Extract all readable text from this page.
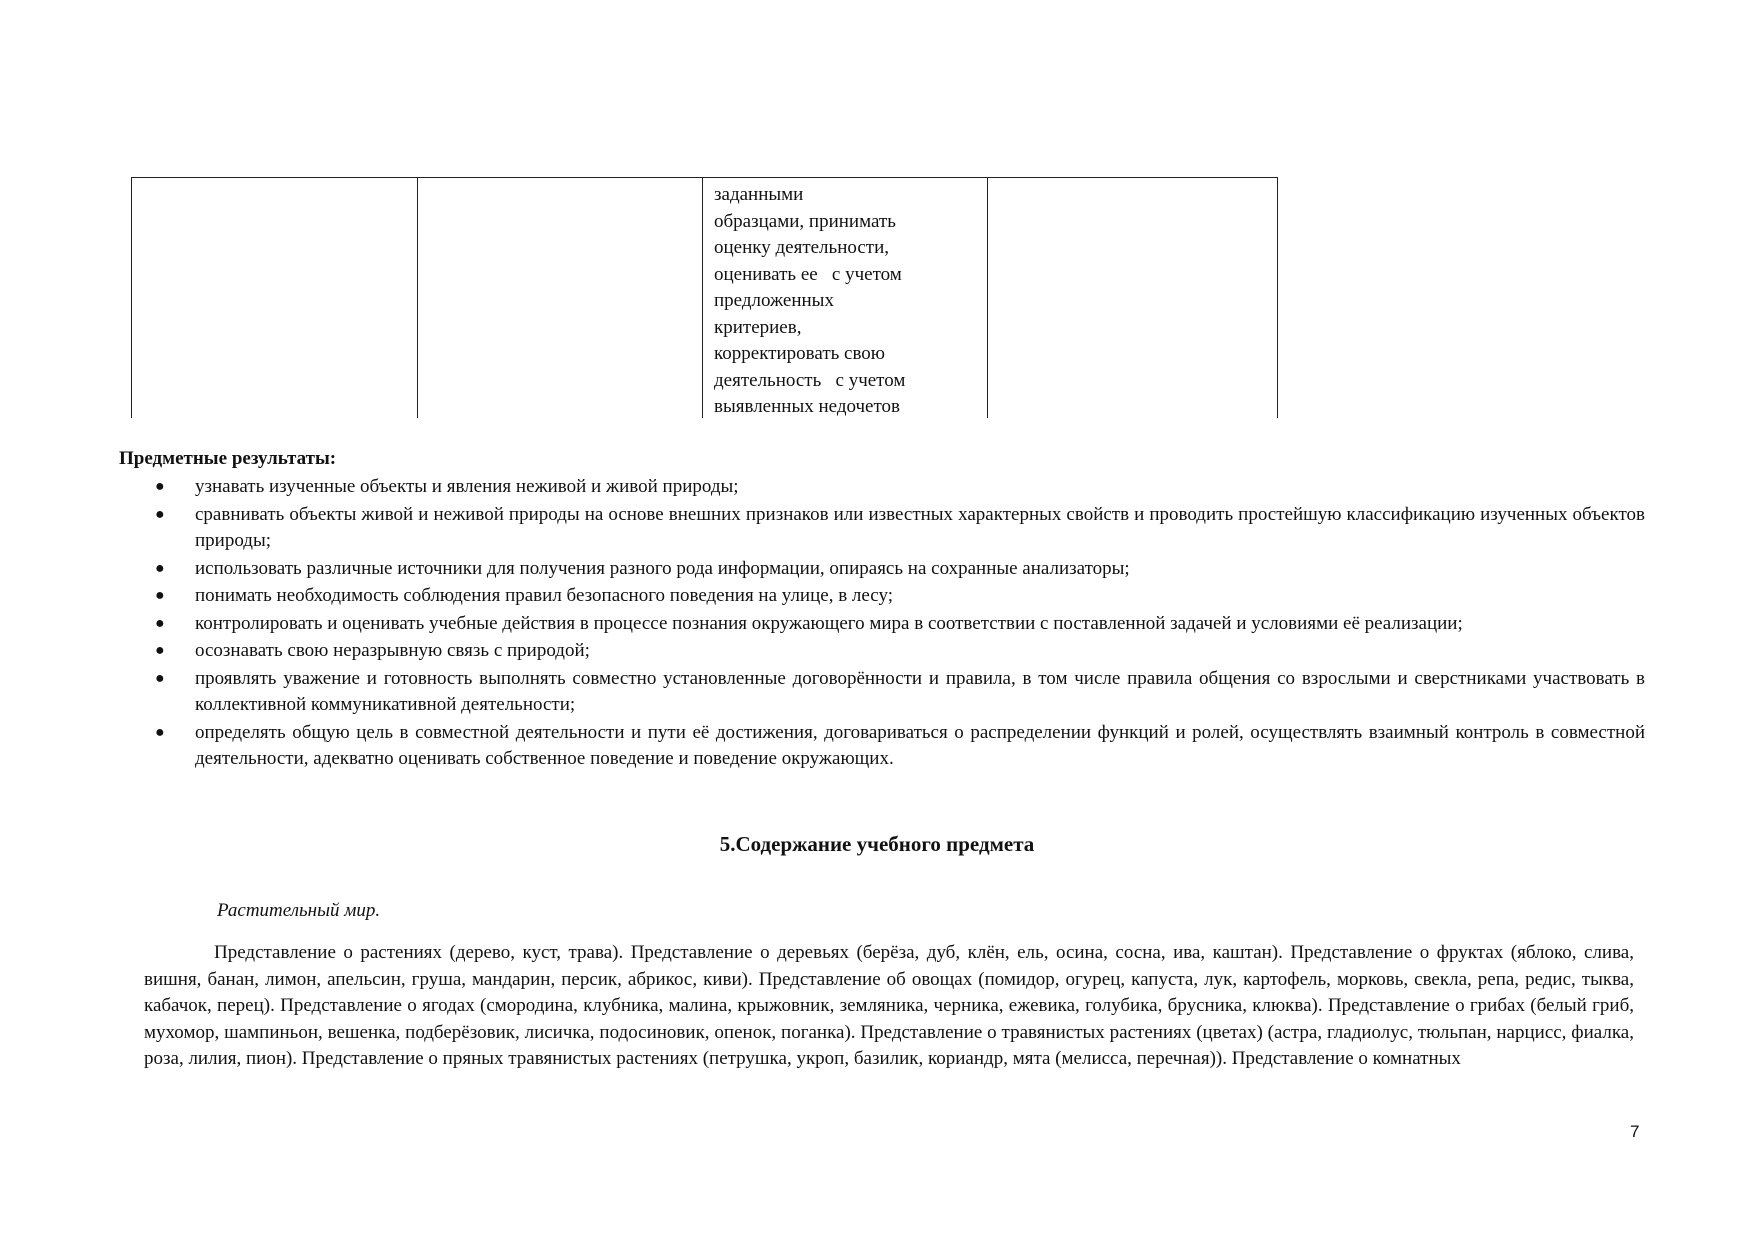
заданными
образцами, принимать
оценку деятельности,
оценивать ее   с учетом
предложенных
критериев,
корректировать свою
деятельность   с учетом
выявленных недочетов
Предметные результаты:
● узнавать изученные объекты и явления неживой и живой природы;
● сравнивать объекты живой и неживой природы на основе внешних признаков или известных характерных свойств и проводить простейшую классификацию изученных объектов природы;
● использовать различные источники для получения разного рода информации, опираясь на сохранные анализаторы;
● понимать необходимость соблюдения правил безопасного поведения на улице, в лесу;
● контролировать и оценивать учебные действия в процессе познания окружающего мира в соответствии с поставленной задачей и условиями её реализации;
● осознавать свою неразрывную связь с природой;
● проявлять уважение и готовность выполнять совместно установленные договорённости и правила, в том числе правила общения со взрослыми и сверстниками участвовать в коллективной коммуникативной деятельности;
● определять общую цель в совместной деятельности и пути её достижения, договариваться о распределении функций и ролей, осуществлять взаимный контроль в совместной деятельности, адекватно оценивать собственное поведение и поведение окружающих.
5.Содержание учебного предмета
Растительный мир.
Представление о растениях (дерево, куст, трава). Представление о деревьях (берёза, дуб, клён, ель, осина, сосна, ива, каштан). Представление о фруктах (яблоко, слива, вишня, банан, лимон, апельсин, груша, мандарин, персик, абрикос, киви). Представление об овощах (помидор, огурец, капуста, лук, картофель, морковь, свекла, репа, редис, тыква, кабачок, перец). Представление о ягодах (смородина, клубника, малина, крыжовник, земляника, черника, ежевика, голубика, брусника, клюква). Представление о грибах (белый гриб, мухомор, шампиньон, вешенка, подберёзовик, лисичка, подосиновик, опенок, поганка). Представление о травянистых растениях (цветах) (астра, гладиолус, тюльпан, нарцисс, фиалка, роза, лилия, пион). Представление о пряных травянистых растениях (петрушка, укроп, базилик, кориандр, мята (мелисса, перечная)). Представление о комнатных
7
